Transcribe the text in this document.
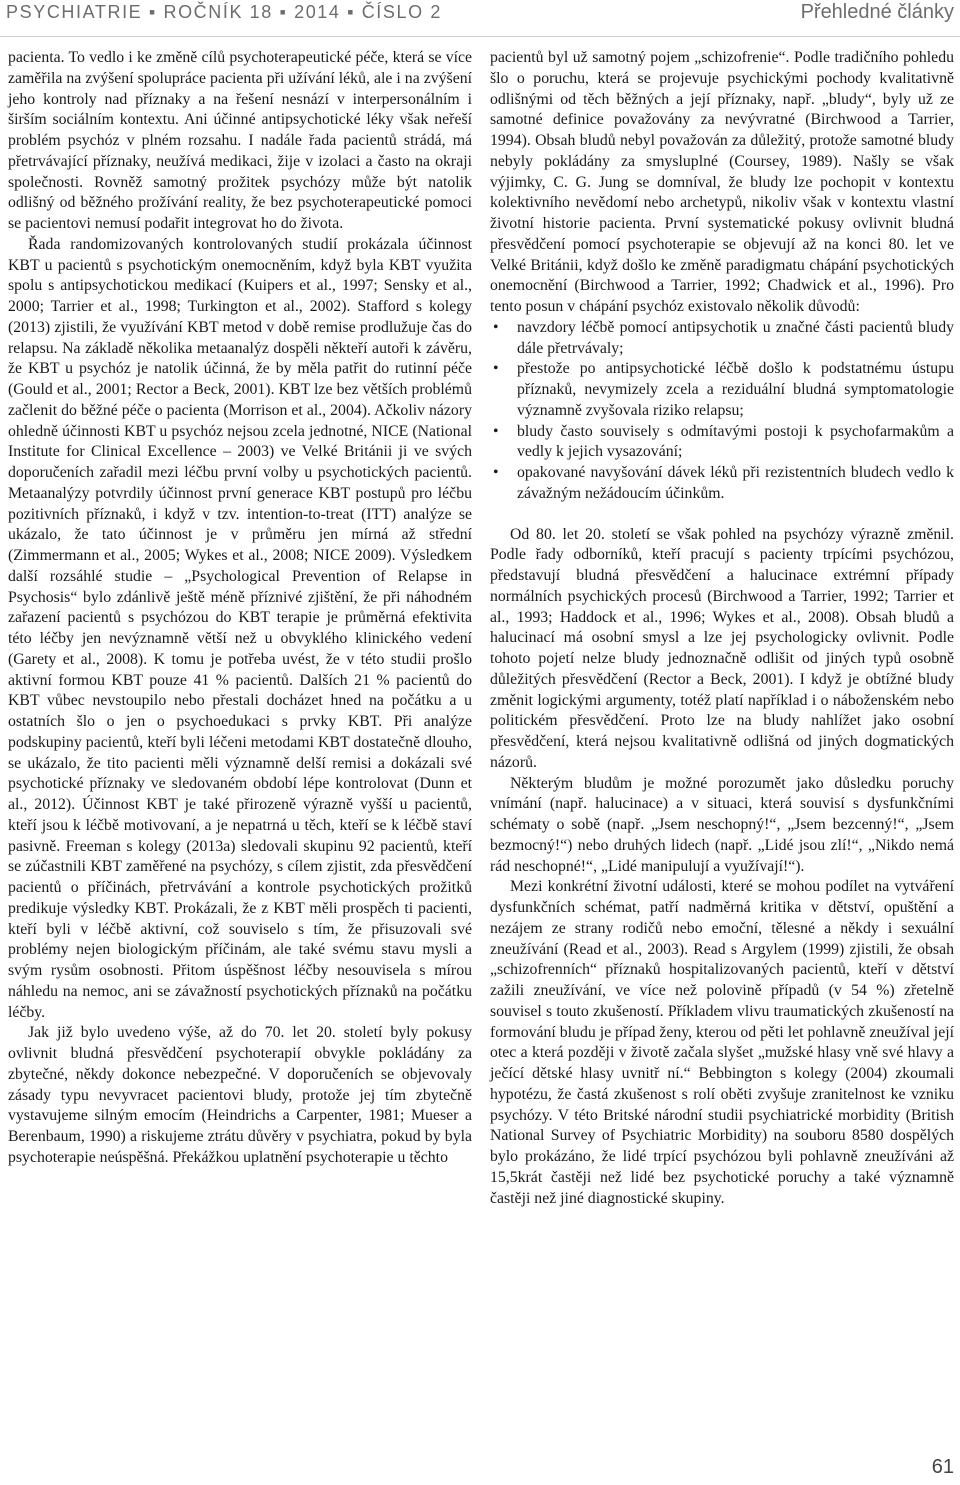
PSYCHIATRIE ▪ ROČNÍK 18 ▪ 2014 ▪ ČÍSLO 2	Přehledné články

pacienta. To vedlo i ke změně cílů psychoterapeutické péče, která se více zaměřila na zvýšení spolupráce pacienta při užívání léků, ale i na zvýšení jeho kontroly nad příznaky a na řešení nesnází v interpersonálním i širším sociálním kontextu. Ani účinné antipsychotické léky však neřeší problém psychóz v plném rozsahu. I nadále řada pacientů strádá, má přetrvávající příznaky, neužívá medikaci, žije v izolaci a často na okraji společnosti. Rovněž samotný prožitek psychózy může být natolik odlišný od běžného prožívání reality, že bez psychoterapeutické pomoci se pacientovi nemusí podařit integrovat ho do života.

Řada randomizovaných kontrolovaných studií prokázala účinnost KBT u pacientů s psychotickým onemocněním, když byla KBT využita spolu s antipsychotickou medikací (Kuipers et al., 1997; Sensky et al., 2000; Tarrier et al., 1998; Turkington et al., 2002). Stafford s kolegy (2013) zjistili, že využívání KBT metod v době remise prodlužuje čas do relapsu. Na základě několika metaanalýz dospěli někteří autoři k závěru, že KBT u psychóz je natolik účinná, že by měla patřit do rutinní péče (Gould et al., 2001; Rector a Beck, 2001). KBT lze bez větších problémů začlenit do běžné péče o pacienta (Morrison et al., 2004). Ačkoliv názory ohledně účinnosti KBT u psychóz nejsou zcela jednotné, NICE (National Institute for Clinical Excellence – 2003) ve Velké Británii ji ve svých doporučeních zařadil mezi léčbu první volby u psychotických pacientů. Metaanalýzy potvrdily účinnost první generace KBT postupů pro léčbu pozitivních příznaků, i když v tzv. intention-to-treat (ITT) analýze se ukázalo, že tato účinnost je v průměru jen mírná až střední (Zimmermann et al., 2005; Wykes et al., 2008; NICE 2009). Výsledkem další rozsáhlé studie – „Psychological Prevention of Relapse in Psychosis“ bylo zdánlivě ještě méně příznivé zjištění, že při náhodném zařazení pacientů s psychózou do KBT terapie je průměrná efektivita této léčby jen nevýznamně větší než u obvyklého klinického vedení (Garety et al., 2008). K tomu je potřeba uvést, že v této studii prošlo aktivní formou KBT pouze 41 % pacientů. Dalších 21 % pacientů do KBT vůbec nevstoupilo nebo přestali docházet hned na počátku a u ostatních šlo o jen o psychoedukaci s prvky KBT. Při analýze podskupiny pacientů, kteří byli léčeni metodami KBT dostatečně dlouho, se ukázalo, že tito pacienti měli významně delší remisi a dokázali své psychotické příznaky ve sledovaném období lépe kontrolovat (Dunn et al., 2012). Účinnost KBT je také přirozeně výrazně vyšší u pacientů, kteří jsou k léčbě motivovaní, a je nepatrná u těch, kteří se k léčbě staví pasivně. Freeman s kolegy (2013a) sledovali skupinu 92 pacientů, kteří se zúčastnili KBT zaměřené na psychózy, s cílem zjistit, zda přesvědčení pacientů o příčinách, přetrvávání a kontrole psychotických prožitků predikuje výsledky KBT. Prokázali, že z KBT měli prospěch ti pacienti, kteří byli v léčbě aktivní, což souviselo s tím, že přisuzovali své problémy nejen biologickým příčinám, ale také svému stavu mysli a svým rysům osobnosti. Přitom úspěšnost léčby nesouvisela s mírou náhledu na nemoc, ani se závažností psychotických příznaků na počátku léčby.

Jak již bylo uvedeno výše, až do 70. let 20. století byly pokusy ovlivnit bludná přesvědčení psychoterapií obvykle pokládány za zbytečné, někdy dokonce nebezpečné. V doporučeních se objevovaly zásady typu nevyvracet pacientovi bludy, protože jej tím zbytečně vystavujeme silným emocím (Heindrichs a Carpenter, 1981; Mueser a Berenbaum, 1990) a riskujeme ztrátu důvěry v psychiatra, pokud by byla psychoterapie neúspěšná. Překážkou uplatnění psychoterapie u těchto

pacientů byl už samotný pojem „schizofrenie“. Podle tradičního pohledu šlo o poruchu, která se projevuje psychickými pochody kvalitativně odlišnými od těch běžných a její příznaky, např. „bludy“, byly už ze samotné definice považovány za nevývratné (Birchwood a Tarrier, 1994). Obsah bludů nebyl považován za důležitý, protože samotné bludy nebyly pokládány za smysluplné (Coursey, 1989). Našly se však výjimky, C. G. Jung se domníval, že bludy lze pochopit v kontextu kolektivního nevědomí nebo archetypů, nikoliv však v kontextu vlastní životní historie pacienta. První systematické pokusy ovlivnit bludná přesvědčení pomocí psychoterapie se objevují až na konci 80. let ve Velké Británii, když došlo ke změně paradigmatu chápání psychotických onemocnění (Birchwood a Tarrier, 1992; Chadwick et al., 1996). Pro tento posun v chápání psychóz existovalo několik důvodů:

• navzdory léčbě pomocí antipsychotik u značné části pacientů bludy dále přetrvávaly;
• přestože po antipsychotické léčbě došlo k podstatnému ústupu příznaků, nevymizely zcela a reziduální bludná symptomatologie významně zvyšovala riziko relapsu;
• bludy často souvisely s odmítavými postoji k psychofarmakům a vedly k jejich vysazování;
• opakované navyšování dávek léků při rezistentních bludech vedlo k závažným nežádoucím účinkům.

Od 80. let 20. století se však pohled na psychózy výrazně změnil. Podle řady odborníků, kteří pracují s pacienty trpícími psychózou, představují bludná přesvědčení a halucinace extrémní případy normálních psychických procesů (Birchwood a Tarrier, 1992; Tarrier et al., 1993; Haddock et al., 1996; Wykes et al., 2008). Obsah bludů a halucinací má osobní smysl a lze jej psychologicky ovlivnit. Podle tohoto pojetí nelze bludy jednoznačně odlišit od jiných typů osobně důležitých přesvědčení (Rector a Beck, 2001). I když je obtížné bludy změnit logickými argumenty, totéž platí například i o náboženském nebo politickém přesvědčení. Proto lze na bludy nahlížet jako osobní přesvědčení, která nejsou kvalitativně odlišná od jiných dogmatických názorů.

Některým bludům je možné porozumět jako důsledku poruchy vnímání (např. halucinace) a v situaci, která souvisí s dysfunkčními schématy o sobě (např. „Jsem neschopný!“, „Jsem bezcenný!“, „Jsem bezmocný!“) nebo druhých lidech (např. „Lidé jsou zlí!“, „Nikdo nemá rád neschopné!“, „Lidé manipulují a využívají!“).

Mezi konkrétní životní události, které se mohou podílet na vytváření dysfunkčních schémat, patří nadměrná kritika v dětství, opuštění a nezájem ze strany rodičů nebo emoční, tělesné a někdy i sexuální zneužívání (Read et al., 2003). Read s Argylem (1999) zjistili, že obsah „schizofrenních“ příznaků hospitalizovaných pacientů, kteří v dětství zažili zneužívání, ve více než polovině případů (v 54 %) zřetelně souvisel s touto zkušeností. Příkladem vlivu traumatických zkušeností na formování bludu je případ ženy, kterou od pěti let pohlavně zneužíval její otec a která později v životě začala slyšet „mužské hlasy vně své hlavy a ječící dětské hlasy uvnitř ní.“ Bebbington s kolegy (2004) zkoumali hypotézu, že častá zkušenost s rolí oběti zvyšuje zranitelnost ke vzniku psychózy. V této Britské národní studii psychiatrické morbidity (British National Survey of Psychiatric Morbidity) na souboru 8580 dospělých bylo prokázáno, že lidé trpící psychózou byli pohlavně zneužíváni až 15,5krát častěji než lidé bez psychotické poruchy a také významně častěji než jiné diagnostické skupiny.

61
